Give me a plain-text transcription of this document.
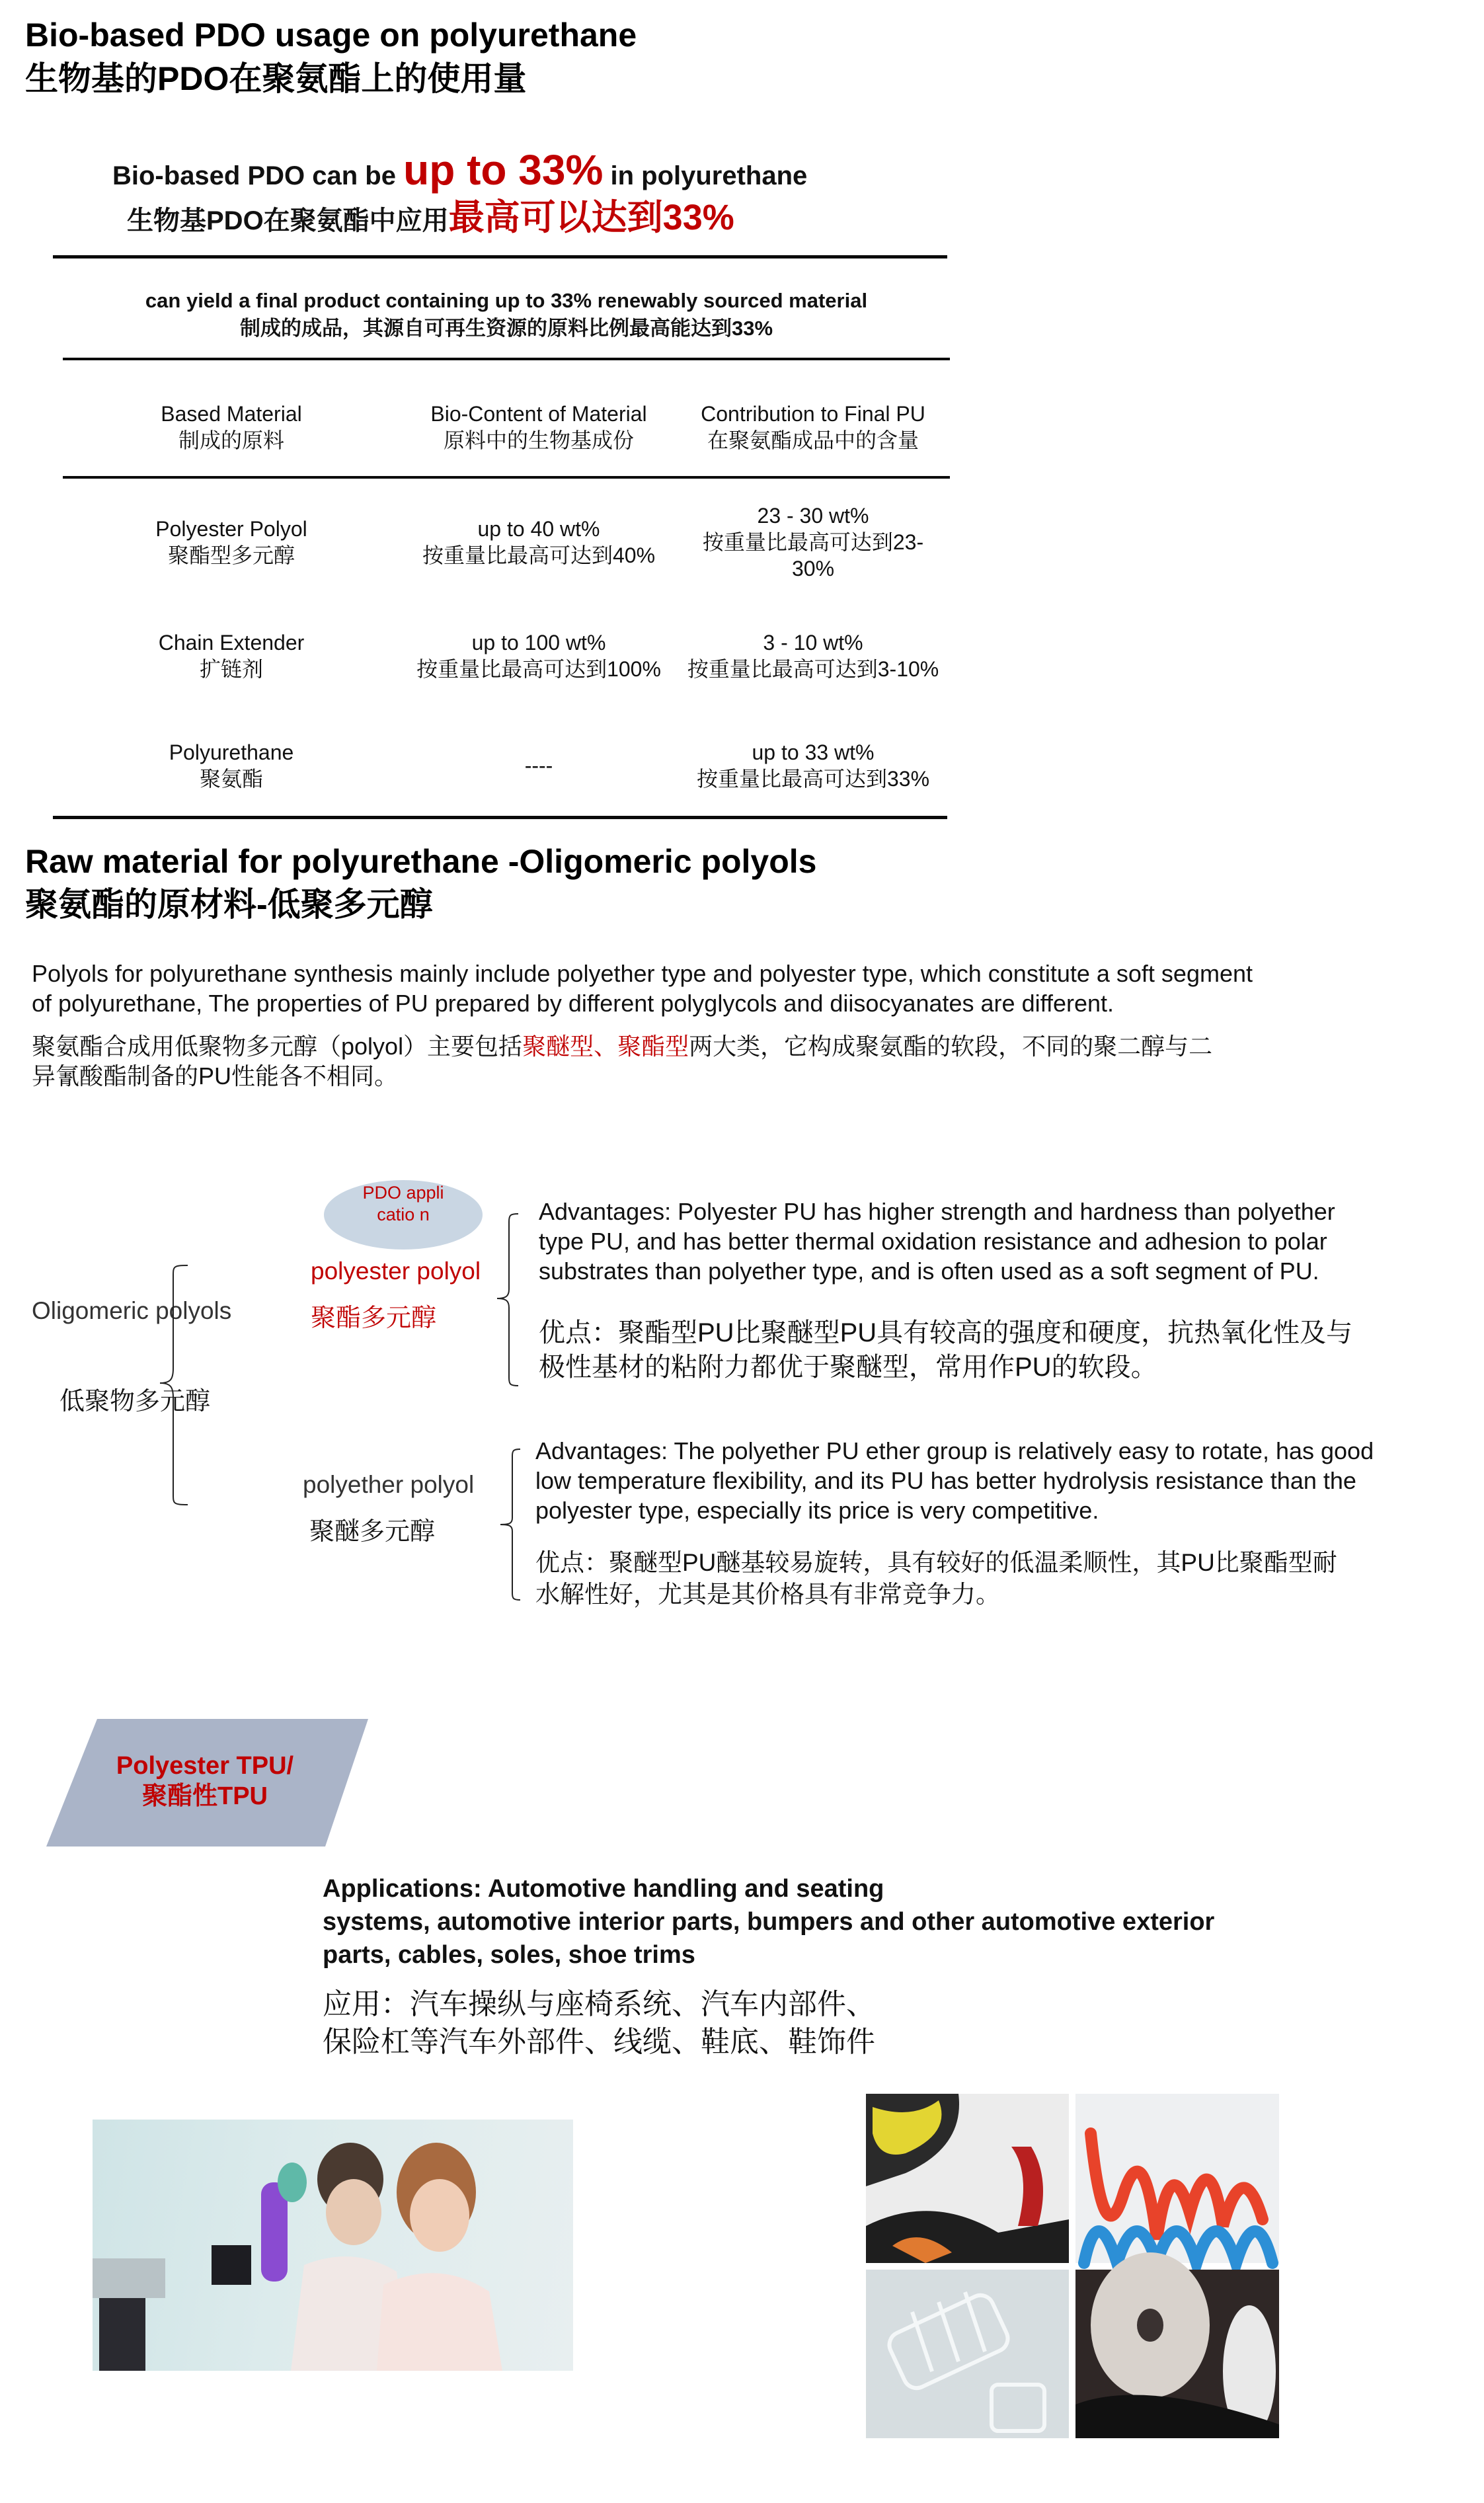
Bio-based PDO usage on polyurethane
生物基的PDO在聚氨酯上的使用量
Bio-based PDO can be up to 33% in polyurethane
生物基PDO在聚氨酯中应用最高可以达到33%
can yield a final product containing up to 33% renewably sourced material
制成的成品，其源自可再生资源的原料比例最高能达到33%
Based Material
制成的原料
Bio-Content of Material
原料中的生物基成份
Contribution to Final PU
在聚氨酯成品中的含量
Polyester Polyol
聚酯型多元醇
up to 40 wt%
按重量比最高可达到40%
23 - 30 wt%
按重量比最高可达到23-30%
Chain Extender
扩链剂
up to 100 wt%
按重量比最高可达到100%
3 - 10 wt%
按重量比最高可达到3-10%
Polyurethane
聚氨酯
----
up to 33 wt%
按重量比最高可达到33%
Raw material for polyurethane -Oligomeric polyols
聚氨酯的原材料-低聚多元醇
Polyols for polyurethane synthesis mainly include polyether type and polyester type, which constitute a soft segment of polyurethane, The properties of PU prepared by different polyglycols and diisocyanates are different.
聚氨酯合成用低聚物多元醇（polyol）主要包括聚醚型、聚酯型两大类，它构成聚氨酯的软段，不同的聚二醇与二异氰酸酯制备的PU性能各不相同。
Oligomeric polyols
低聚物多元醇
PDO applicatio n
polyester polyol
聚酯多元醇
polyether polyol
聚醚多元醇
Advantages: Polyester PU has higher strength and hardness than polyether type PU, and has better thermal oxidation resistance and adhesion to polar substrates than polyether type, and is often used as a soft segment of PU.
优点：聚酯型PU比聚醚型PU具有较高的强度和硬度，抗热氧化性及与极性基材的粘附力都优于聚醚型，常用作PU的软段。
Advantages: The polyether PU ether group is relatively easy to rotate, has good low temperature flexibility, and its PU has better hydrolysis resistance than the polyester type, especially its price is very competitive.
优点：聚醚型PU醚基较易旋转，具有较好的低温柔顺性，其PU比聚酯型耐水解性好，尤其是其价格具有非常竞争力。
Polyester TPU/
聚酯性TPU
Applications: Automotive handling and seating
systems, automotive interior parts, bumpers and other automotive exterior
parts, cables, soles, shoe trims
应用：汽车操纵与座椅系统、汽车内部件、
保险杠等汽车外部件、线缆、鞋底、鞋饰件
